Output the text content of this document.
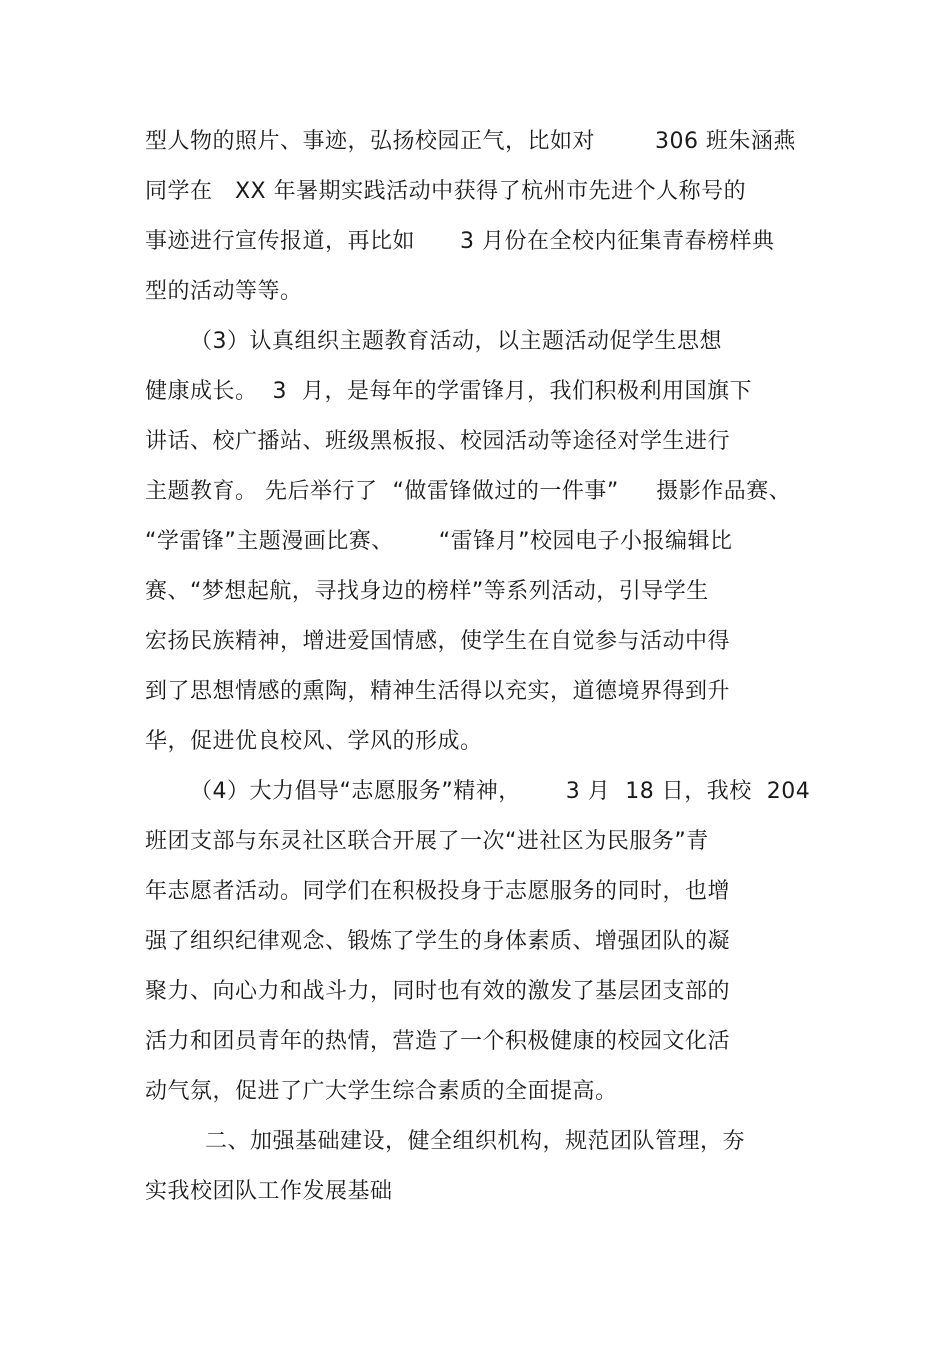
型人物的照片、事迹，弘扬校园正气，比如对        306 班朱涵燕
同学在   XX 年暑期实践活动中获得了杭州市先进个人称号的
事迹进行宣传报道，再比如      3 月份在全校内征集青春榜样典
型的活动等等。
（3）认真组织主题教育活动，以主题活动促学生思想
健康成长。  3  月，是每年的学雷锋月，我们积极利用国旗下
讲话、校广播站、班级黑板报、校园活动等途径对学生进行
主题教育。 先后举行了  “做雷锋做过的一件事”     摄影作品赛、
“学雷锋”主题漫画比赛、      “雷锋月”校园电子小报编辑比
赛、“梦想起航，寻找身边的榜样”等系列活动，引导学生
宏扬民族精神，增进爱国情感，使学生在自觉参与活动中得
到了思想情感的熏陶，精神生活得以充实，道德境界得到升
华，促进优良校风、学风的形成。
（4）大力倡导“志愿服务”精神，      3 月  18 日，我校  204
班团支部与东灵社区联合开展了一次“进社区为民服务”青
年志愿者活动。同学们在积极投身于志愿服务的同时，也增
强了组织纪律观念、锻炼了学生的身体素质、增强团队的凝
聚力、向心力和战斗力，同时也有效的激发了基层团支部的
活力和团员青年的热情，营造了一个积极健康的校园文化活
动气氛，促进了广大学生综合素质的全面提高。
二、加强基础建设，健全组织机构，规范团队管理，夯
实我校团队工作发展基础
